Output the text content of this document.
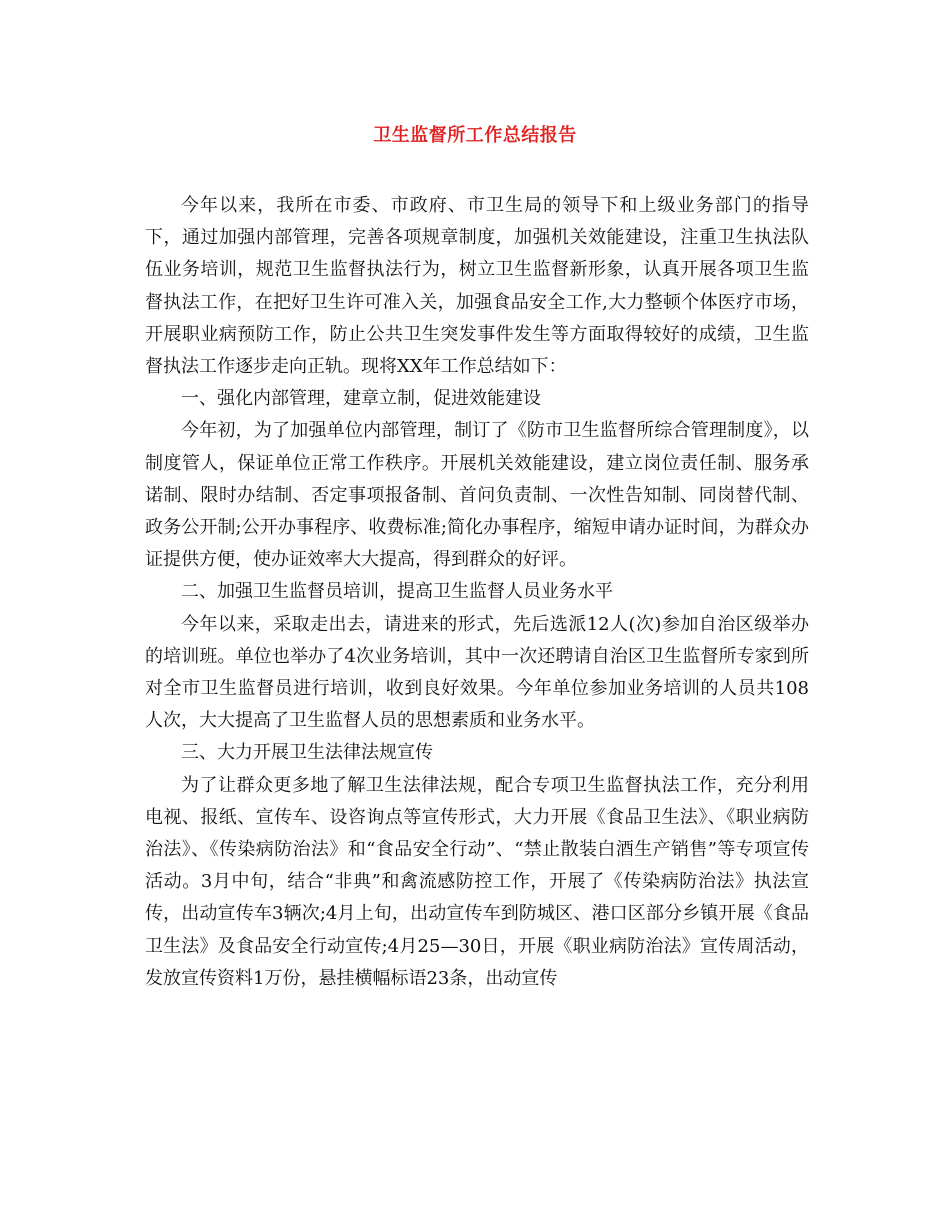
卫生监督所工作总结报告

今年以来，我所在市委、市政府、市卫生局的领导下和上级业务部门的指导下，通过加强内部管理，完善各项规章制度，加强机关效能建设，注重卫生执法队伍业务培训，规范卫生监督执法行为，树立卫生监督新形象，认真开展各项卫生监督执法工作，在把好卫生许可准入关，加强食品安全工作,大力整顿个体医疗市场，开展职业病预防工作，防止公共卫生突发事件发生等方面取得较好的成绩，卫生监督执法工作逐步走向正轨。现将XX年工作总结如下：

一、强化内部管理，建章立制，促进效能建设

今年初，为了加强单位内部管理，制订了《防市卫生监督所综合管理制度》，以制度管人，保证单位正常工作秩序。开展机关效能建设，建立岗位责任制、服务承诺制、限时办结制、否定事项报备制、首问负责制、一次性告知制、同岗替代制、政务公开制;公开办事程序、收费标准;简化办事程序，缩短申请办证时间，为群众办证提供方便，使办证效率大大提高，得到群众的好评。

二、加强卫生监督员培训，提高卫生监督人员业务水平

今年以来，采取走出去，请进来的形式，先后选派12人(次)参加自治区级举办的培训班。单位也举办了4次业务培训，其中一次还聘请自治区卫生监督所专家到所对全市卫生监督员进行培训，收到良好效果。今年单位参加业务培训的人员共108人次，大大提高了卫生监督人员的思想素质和业务水平。

三、大力开展卫生法律法规宣传

为了让群众更多地了解卫生法律法规，配合专项卫生监督执法工作，充分利用电视、报纸、宣传车、设咨询点等宣传形式，大力开展《食品卫生法》、《职业病防治法》、《传染病防治法》和“食品安全行动”、“禁止散装白酒生产销售”等专项宣传活动。3月中旬，结合“非典”和禽流感防控工作，开展了《传染病防治法》执法宣传，出动宣传车3辆次;4月上旬，出动宣传车到防城区、港口区部分乡镇开展《食品卫生法》及食品安全行动宣传;4月25—30日，开展《职业病防治法》宣传周活动，发放宣传资料1万份，悬挂横幅标语23条，出动宣传
